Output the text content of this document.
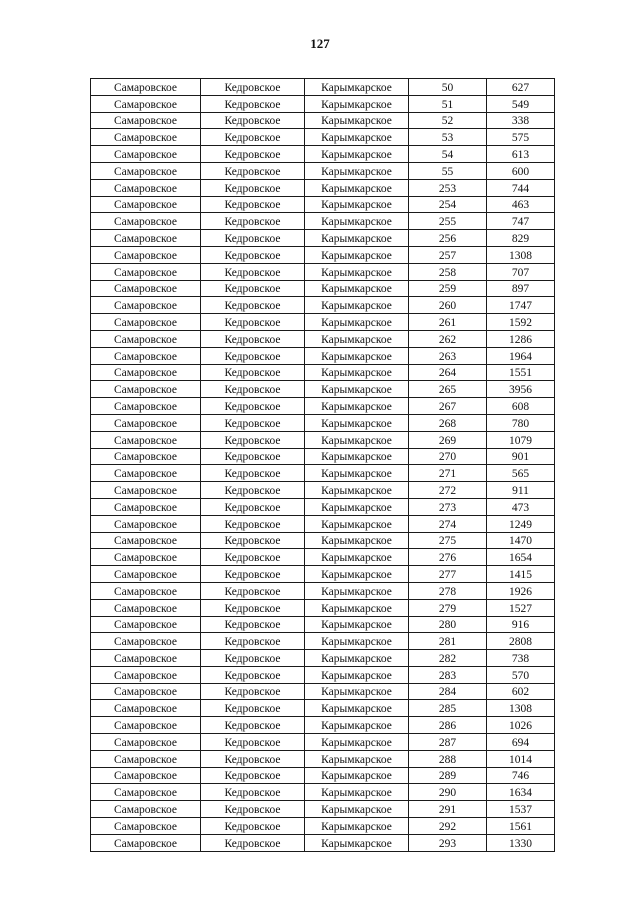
127
Самаровское	Кедровское	Карымкарское	50	627
Самаровское	Кедровское	Карымкарское	51	549
Самаровское	Кедровское	Карымкарское	52	338
Самаровское	Кедровское	Карымкарское	53	575
Самаровское	Кедровское	Карымкарское	54	613
Самаровское	Кедровское	Карымкарское	55	600
Самаровское	Кедровское	Карымкарское	253	744
Самаровское	Кедровское	Карымкарское	254	463
Самаровское	Кедровское	Карымкарское	255	747
Самаровское	Кедровское	Карымкарское	256	829
Самаровское	Кедровское	Карымкарское	257	1308
Самаровское	Кедровское	Карымкарское	258	707
Самаровское	Кедровское	Карымкарское	259	897
Самаровское	Кедровское	Карымкарское	260	1747
Самаровское	Кедровское	Карымкарское	261	1592
Самаровское	Кедровское	Карымкарское	262	1286
Самаровское	Кедровское	Карымкарское	263	1964
Самаровское	Кедровское	Карымкарское	264	1551
Самаровское	Кедровское	Карымкарское	265	3956
Самаровское	Кедровское	Карымкарское	267	608
Самаровское	Кедровское	Карымкарское	268	780
Самаровское	Кедровское	Карымкарское	269	1079
Самаровское	Кедровское	Карымкарское	270	901
Самаровское	Кедровское	Карымкарское	271	565
Самаровское	Кедровское	Карымкарское	272	911
Самаровское	Кедровское	Карымкарское	273	473
Самаровское	Кедровское	Карымкарское	274	1249
Самаровское	Кедровское	Карымкарское	275	1470
Самаровское	Кедровское	Карымкарское	276	1654
Самаровское	Кедровское	Карымкарское	277	1415
Самаровское	Кедровское	Карымкарское	278	1926
Самаровское	Кедровское	Карымкарское	279	1527
Самаровское	Кедровское	Карымкарское	280	916
Самаровское	Кедровское	Карымкарское	281	2808
Самаровское	Кедровское	Карымкарское	282	738
Самаровское	Кедровское	Карымкарское	283	570
Самаровское	Кедровское	Карымкарское	284	602
Самаровское	Кедровское	Карымкарское	285	1308
Самаровское	Кедровское	Карымкарское	286	1026
Самаровское	Кедровское	Карымкарское	287	694
Самаровское	Кедровское	Карымкарское	288	1014
Самаровское	Кедровское	Карымкарское	289	746
Самаровское	Кедровское	Карымкарское	290	1634
Самаровское	Кедровское	Карымкарское	291	1537
Самаровское	Кедровское	Карымкарское	292	1561
Самаровское	Кедровское	Карымкарское	293	1330
